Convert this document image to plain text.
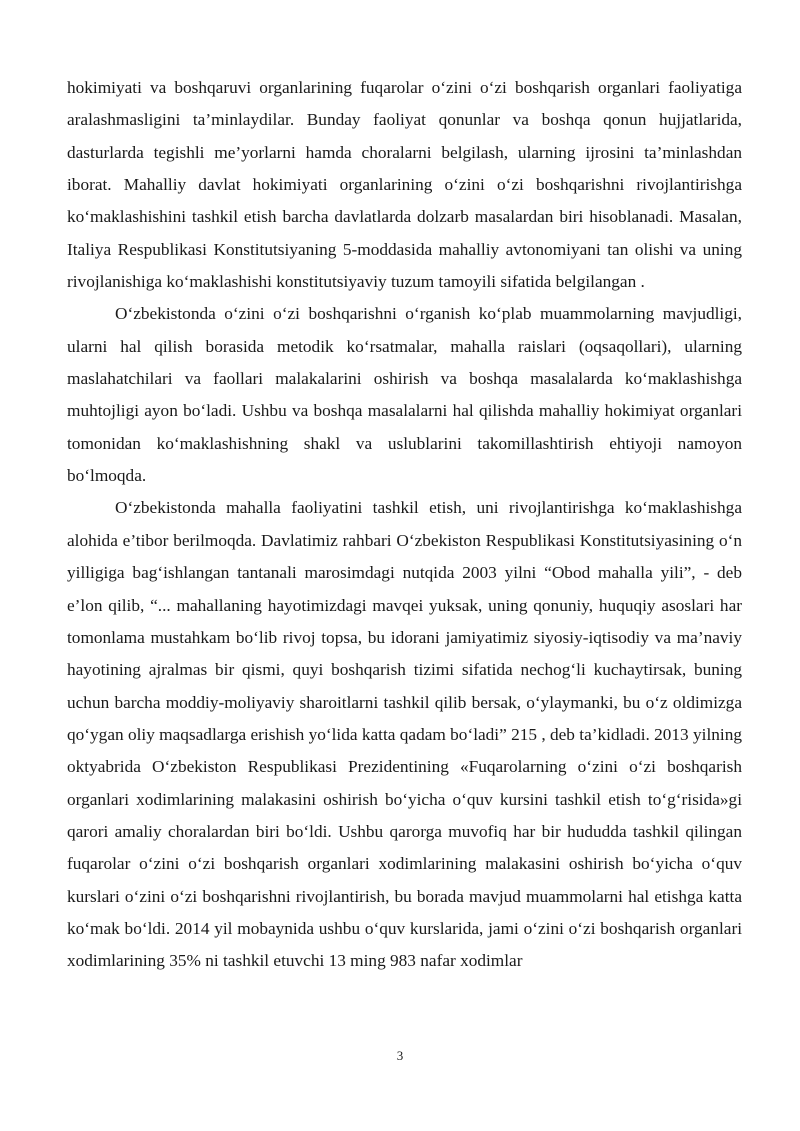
hokimiyati va boshqaruvi organlarining fuqarolar o‘zini o‘zi boshqarish organlari faoliyatiga aralashmasligini ta’minlaydilar. Bunday faoliyat qonunlar va boshqa qonun hujjatlarida, dasturlarda tegishli me’yorlarni hamda choralarni belgilash, ularning ijrosini ta’minlashdan iborat. Mahalliy davlat hokimiyati organlarining o‘zini o‘zi boshqarishni rivojlantirishga ko‘maklashishini tashkil etish barcha davlatlarda dolzarb masalardan biri hisoblanadi. Masalan, Italiya Respublikasi Konstitutsiyaning 5-moddasida mahalliy avtonomiyani tan olishi va uning rivojlanishiga ko‘maklashishi konstitutsiyaviy tuzum tamoyili sifatida belgilangan .

O‘zbekistonda o‘zini o‘zi boshqarishni o‘rganish ko‘plab muammolarning mavjudligi, ularni hal qilish borasida metodik ko‘rsatmalar, mahalla raislari (oqsaqollari), ularning maslahatchilari va faollari malakalarini oshirish va boshqa masalalarda ko‘maklashishga muhtojligi ayon bo‘ladi. Ushbu va boshqa masalalarni hal qilishda mahalliy hokimiyat organlari tomonidan ko‘maklashishning shakl va uslublarini takomillashtirish ehtiyoji namoyon bo‘lmoqda.

O‘zbekistonda mahalla faoliyatini tashkil etish, uni rivojlantirishga ko‘maklashishga alohida e’tibor berilmoqda. Davlatimiz rahbari O‘zbekiston Respublikasi Konstitutsiyasining o‘n yilligiga bag‘ishlangan tantanali marosimdagi nutqida 2003 yilni “Obod mahalla yili”, - deb e’lon qilib, “... mahallaning hayotimizdagi mavqei yuksak, uning qonuniy, huquqiy asoslari har tomonlama mustahkam bo‘lib rivoj topsa, bu idorani jamiyatimiz siyosiy-iqtisodiy va ma’naviy hayotining ajralmas bir qismi, quyi boshqarish tizimi sifatida nechog‘li kuchaytirsak, buning uchun barcha moddiy-moliyaviy sharoitlarni tashkil qilib bersak, o‘ylaymanki, bu o‘z oldimizga qo‘ygan oliy maqsadlarga erishish yo‘lida katta qadam bo‘ladi” 215 , deb ta’kidladi. 2013 yilning oktyabrida O‘zbekiston Respublikasi Prezidentining «Fuqarolarning o‘zini o‘zi boshqarish organlari xodimlarining malakasini oshirish bo‘yicha o‘quv kursini tashkil etish to‘g‘risida»gi qarori amaliy choralardan biri bo‘ldi. Ushbu qarorga muvofiq har bir hududda tashkil qilingan fuqarolar o‘zini o‘zi boshqarish organlari xodimlarining malakasini oshirish bo‘yicha o‘quv kurslari o‘zini o‘zi boshqarishni rivojlantirish, bu borada mavjud muammolarni hal etishga katta ko‘mak bo‘ldi. 2014 yil mobaynida ushbu o‘quv kurslarida, jami o‘zini o‘zi boshqarish organlari xodimlarining 35% ni tashkil etuvchi 13 ming 983 nafar xodimlar

3
